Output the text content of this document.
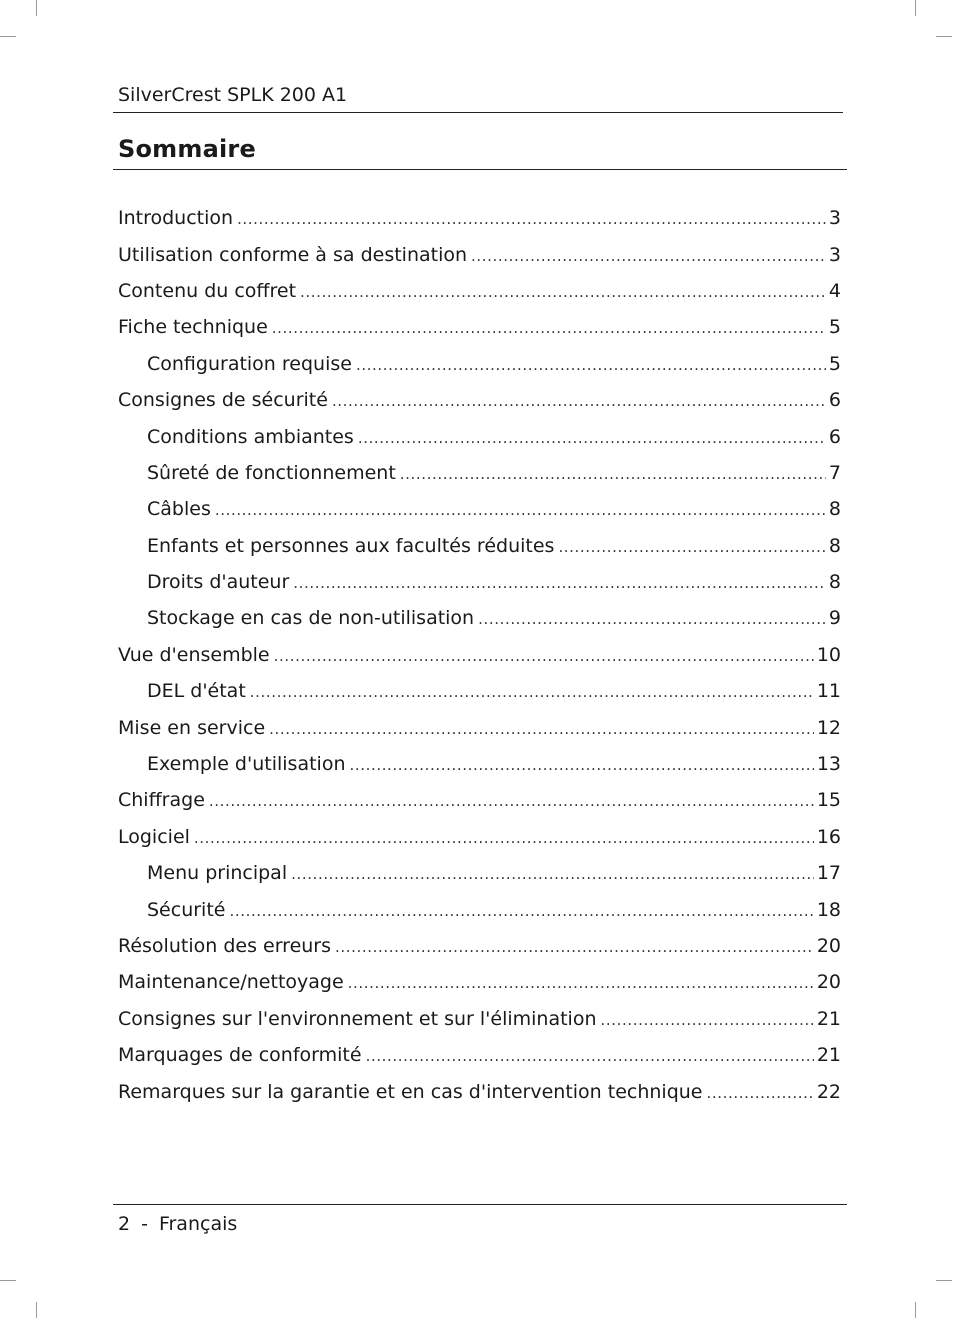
SilverCrest SPLK 200 A1
Sommaire
Introduction .....	3
Utilisation conforme à sa destination .....	3
Contenu du coffret .....	4
Fiche technique .....	5
Configuration requise .....	5
Consignes de sécurité .....	6
Conditions ambiantes .....	6
Sûreté de fonctionnement .....	7
Câbles .....	8
Enfants et personnes aux facultés réduites .....	8
Droits d'auteur .....	8
Stockage en cas de non-utilisation .....	9
Vue d'ensemble .....	10
DEL d'état .....	11
Mise en service .....	12
Exemple d'utilisation .....	13
Chiffrage .....	15
Logiciel .....	16
Menu principal .....	17
Sécurité .....	18
Résolution des erreurs .....	20
Maintenance/nettoyage .....	20
Consignes sur l'environnement et sur l'élimination .....	21
Marquages de conformité .....	21
Remarques sur la garantie et en cas d'intervention technique .....	22
2 - Français
